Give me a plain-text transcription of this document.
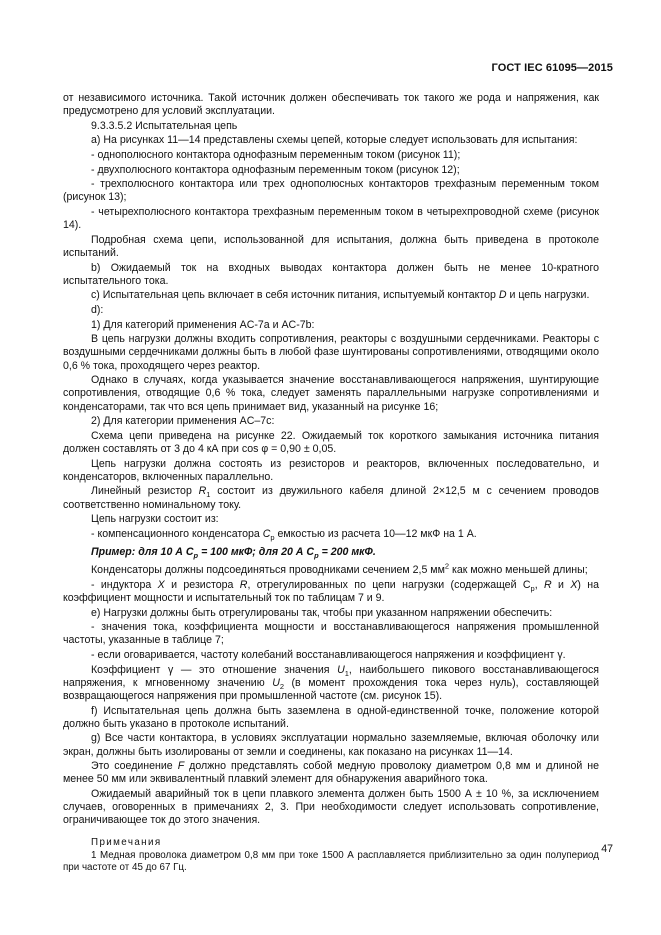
ГОСТ IEC 61095—2015

от независимого источника. Такой источник должен обеспечивать ток такого же рода и напряжения, как предусмотрено для условий эксплуатации.

9.3.3.5.2 Испытательная цепь

a) На рисунках 11—14 представлены схемы цепей, которые следует использовать для испытания:

- однополюсного контактора однофазным переменным током (рисунок 11);

- двухполюсного контактора однофазным переменным током (рисунок 12);

- трехполюсного контактора или трех однополюсных контакторов трехфазным переменным током (рисунок 13);

- четырехполюсного контактора трехфазным переменным током в четырехпроводной схеме (рисунок 14).

Подробная схема цепи, использованной для испытания, должна быть приведена в протоколе испытаний.

b) Ожидаемый ток на входных выводах контактора должен быть не менее 10-кратного испытательного тока.

c) Испытательная цепь включает в себя источник питания, испытуемый контактор D и цепь нагрузки.

d):

1) Для категорий применения AC-7a и AC-7b:

В цепь нагрузки должны входить сопротивления, реакторы с воздушными сердечниками. Реакторы с воздушными сердечниками должны быть в любой фазе шунтированы сопротивлениями, отводящими около 0,6 % тока, проходящего через реактор.

Однако в случаях, когда указывается значение восстанавливающегося напряжения, шунтирующие сопротивления, отводящие 0,6 % тока, следует заменять параллельными нагрузке сопротивлениями и конденсаторами, так что вся цепь принимает вид, указанный на рисунке 16;

2) Для категории применения AC–7c:

Схема цепи приведена на рисунке 22. Ожидаемый ток короткого замыкания источника питания должен составлять от 3 до 4 кА при cos φ = 0,90 ± 0,05.

Цепь нагрузки должна состоять из резисторов и реакторов, включенных последовательно, и конденсаторов, включенных параллельно.

Линейный резистор $R_1$ состоит из двужильного кабеля длиной 2×12,5 м с сечением проводов соответственно номинальному току.

Цепь нагрузки состоит из:

- компенсационного конденсатора $C_p$ емкостью из расчета 10—12 мкФ на 1 А.

Пример: для 10 А $C_p = 100$ мкФ; для 20 А $C_p = 200$ мкФ.

Конденсаторы должны подсоединяться проводниками сечением 2,5 $мм^2$ как можно меньшей длины;

- индуктора X и резистора R, отрегулированных по цепи нагрузки (содержащей $C_p$, R и X) на коэффициент мощности и испытательный ток по таблицам 7 и 9.

e) Нагрузки должны быть отрегулированы так, чтобы при указанном напряжении обеспечить:

- значения тока, коэффициента мощности и восстанавливающегося напряжения промышленной частоты, указанные в таблице 7;

- если оговаривается, частоту колебаний восстанавливающегося напряжения и коэффициент γ.

Коэффициент γ — это отношение значения $U_1$, наибольшего пикового восстанавливающегося напряжения, к мгновенному значению $U_2$ (в момент прохождения тока через нуль), составляющей возвращающегося напряжения при промышленной частоте (см. рисунок 15).

f) Испытательная цепь должна быть заземлена в одной-единственной точке, положение которой должно быть указано в протоколе испытаний.

g) Все части контактора, в условиях эксплуатации нормально заземляемые, включая оболочку или экран, должны быть изолированы от земли и соединены, как показано на рисунках 11—14.

Это соединение F должно представлять собой медную проволоку диаметром 0,8 мм и длиной не менее 50 мм или эквивалентный плавкий элемент для обнаружения аварийного тока.

Ожидаемый аварийный ток в цепи плавкого элемента должен быть 1500 А ± 10 %, за исключением случаев, оговоренных в примечаниях 2, 3. При необходимости следует использовать сопротивление, ограничивающее ток до этого значения.

Примечания

1 Медная проволока диаметром 0,8 мм при токе 1500 А расплавляется приблизительно за один полупериод при частоте от 45 до 67 Гц.

47
